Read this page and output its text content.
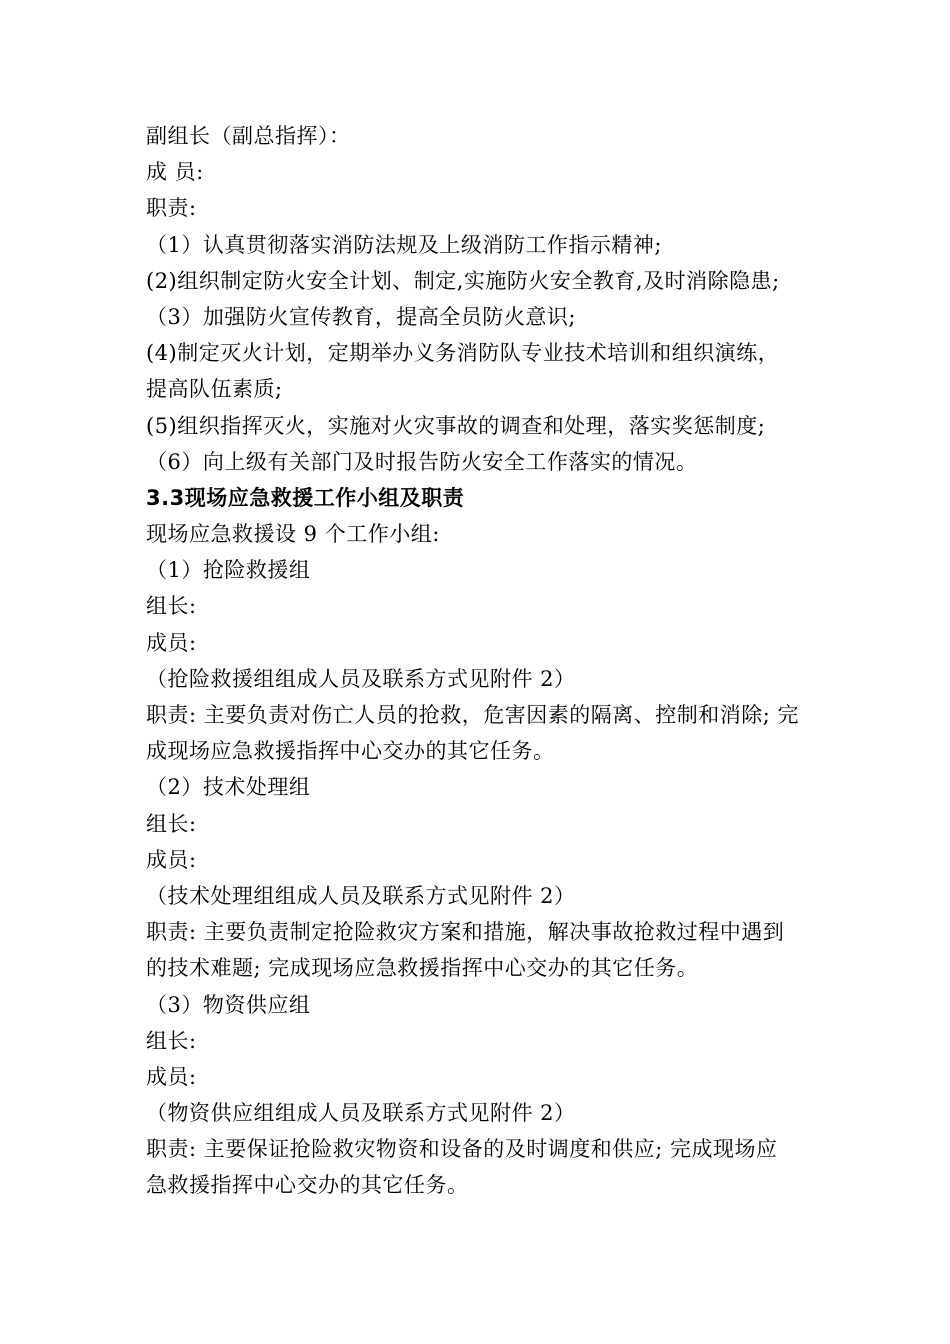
副组长（副总指挥）：
成 员:
职责:
（1）认真贯彻落实消防法规及上级消防工作指示精神;
(2)组织制定防火安全计划、制定,实施防火安全教育,及时消除隐患;
（3）加强防火宣传教育，提高全员防火意识;
(4)制定灭火计划，定期举办义务消防队专业技术培训和组织演练，
提高队伍素质;
(5)组织指挥灭火，实施对火灾事故的调查和处理，落实奖惩制度;
（6）向上级有关部门及时报告防火安全工作落实的情况。
3.3现场应急救援工作小组及职责
现场应急救援设 9 个工作小组:
（1）抢险救援组
组长:
成员:
（抢险救援组组成人员及联系方式见附件 2）
职责: 主要负责对伤亡人员的抢救，危害因素的隔离、控制和消除; 完
成现场应急救援指挥中心交办的其它任务。
（2）技术处理组
组长:
成员:
（技术处理组组成人员及联系方式见附件 2）
职责: 主要负责制定抢险救灾方案和措施，解决事故抢救过程中遇到
的技术难题; 完成现场应急救援指挥中心交办的其它任务。
（3）物资供应组
组长:
成员:
（物资供应组组成人员及联系方式见附件 2）
职责: 主要保证抢险救灾物资和设备的及时调度和供应; 完成现场应
急救援指挥中心交办的其它任务。
